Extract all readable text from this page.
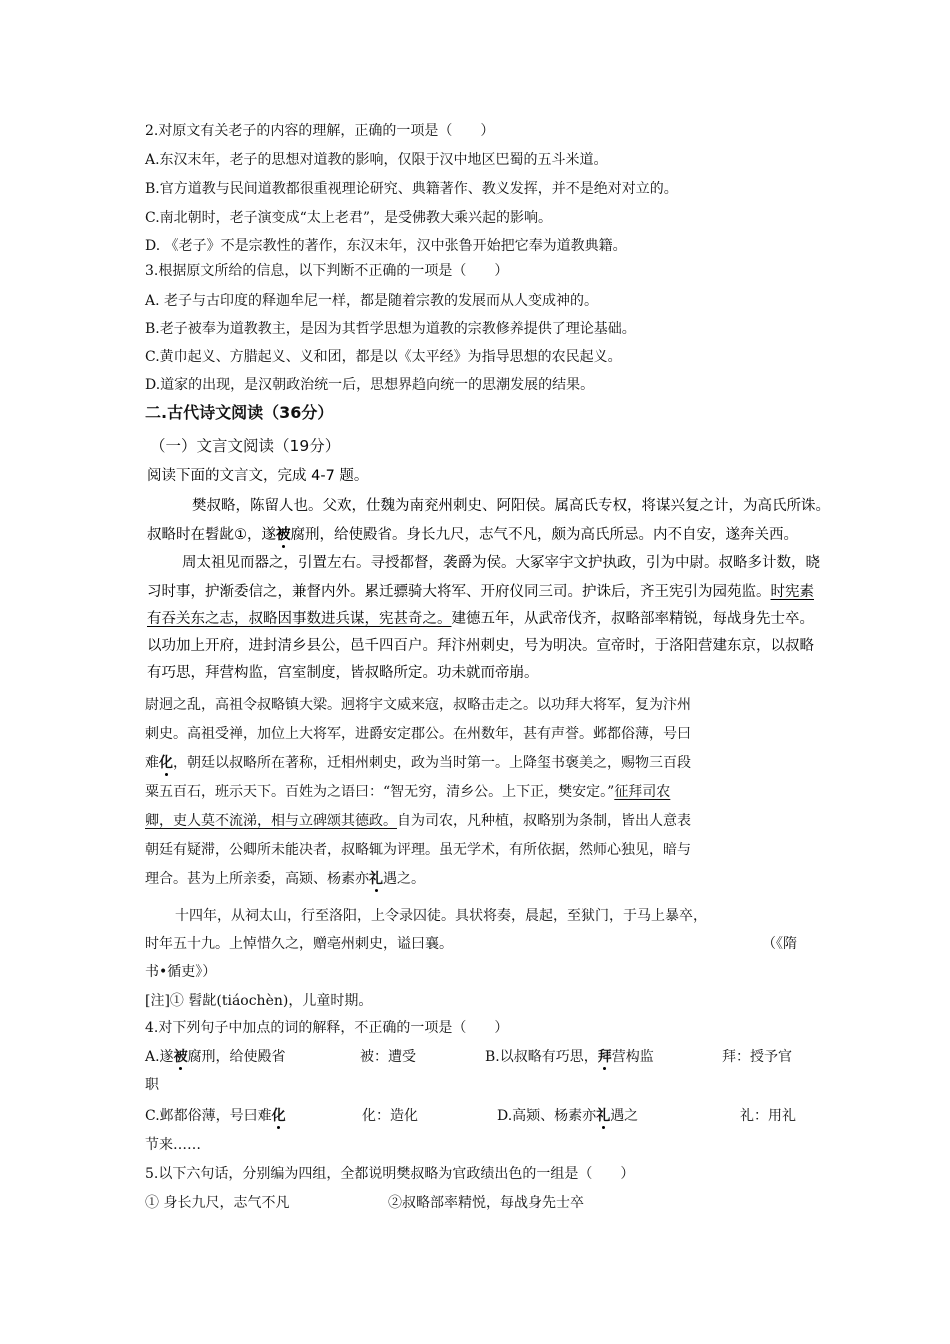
2.对原文有关老子的内容的理解，正确的一项是（　　）
A.东汉末年，老子的思想对道教的影响，仅限于汉中地区巴蜀的五斗米道。
B.官方道教与民间道教都很重视理论研究、典籍著作、教义发挥，并不是绝对对立的。
C.南北朝时，老子演变成“太上老君”，是受佛教大乘兴起的影响。
D. 《老子》不是宗教性的著作，东汉末年，汉中张鲁开始把它奉为道教典籍。
3.根据原文所给的信息，以下判断不正确的一项是（　　）
A. 老子与古印度的释迦牟尼一样，都是随着宗教的发展而从人变成神的。
B.老子被奉为道教教主，是因为其哲学思想为道教的宗教修养提供了理论基础。
C.黄巾起义、方腊起义、义和团，都是以《太平经》为指导思想的农民起义。
D.道家的出现，是汉朝政治统一后，思想界趋向统一的思潮发展的结果。
二.古代诗文阅读（36分）
（一）文言文阅读（19分）
阅读下面的文言文，完成 4-7 题。
樊叔略，陈留人也。父欢，仕魏为南兖州刺史、阿阳侯。属高氏专权，将谋兴复之计，为高氏所诛。
叔略时在髫龀①，遂被腐刑，给使殿省。身长九尺，志气不凡，颇为高氏所忌。内不自安，遂奔关西。
周太祖见而器之，引置左右。寻授都督，袭爵为侯。大冢宰宇文护执政，引为中尉。叔略多计数，晓
习时事，护渐委信之，兼督内外。累迁骠骑大将军、开府仪同三司。护诛后，齐王宪引为园苑监。时宪素
有吞关东之志，叔略因事数进兵谋，宪甚奇之。建德五年，从武帝伐齐，叔略部率精锐，每战身先士卒。
以功加上开府，进封清乡县公，邑千四百户。拜汴州刺史，号为明决。宣帝时，于洛阳营建东京，以叔略
有巧思，拜营构监，宫室制度，皆叔略所定。功未就而帝崩。
尉迥之乱，高祖令叔略镇大梁。迥将宇文威来寇，叔略击走之。以功拜大将军，复为汴州
刺史。高祖受禅，加位上大将军，进爵安定郡公。在州数年，甚有声誉。邺都俗薄，号曰
难化，朝廷以叔略所在著称，迁相州刺史，政为当时第一。上降玺书褒美之，赐物三百段
粟五百石，班示天下。百姓为之语曰：“智无穷，清乡公。上下正，樊安定。”征拜司农
卿，吏人莫不流涕，相与立碑颂其德政。自为司农，凡种植，叔略别为条制，皆出人意表
朝廷有疑滞，公卿所未能决者，叔略辄为评理。虽无学术，有所依据，然师心独见，暗与
理合。甚为上所亲委，高颎、杨素亦礼遇之。
十四年，从祠太山，行至洛阳，上令录囚徒。具状将奏，晨起，至狱门，于马上暴卒，
时年五十九。上悼惜久之，赠亳州刺史，谥曰襄。	（《隋
书•循吏》）
[注]① 髫龀(tiáochèn)，儿童时期。
4.对下列句子中加点的词的解释，不正确的一项是（　　）
A.遂被腐刑，给使殿省	被：遭受	B.以叔略有巧思，拜营构监	拜：授予官
职
C.邺都俗薄，号曰难化	化：造化	D.高颎、杨素亦礼遇之	礼：用礼
节来……
5.以下六句话，分别编为四组，全都说明樊叔略为官政绩出色的一组是（　　）
① 身长九尺，志气不凡	②叔略部率精悦，每战身先士卒
